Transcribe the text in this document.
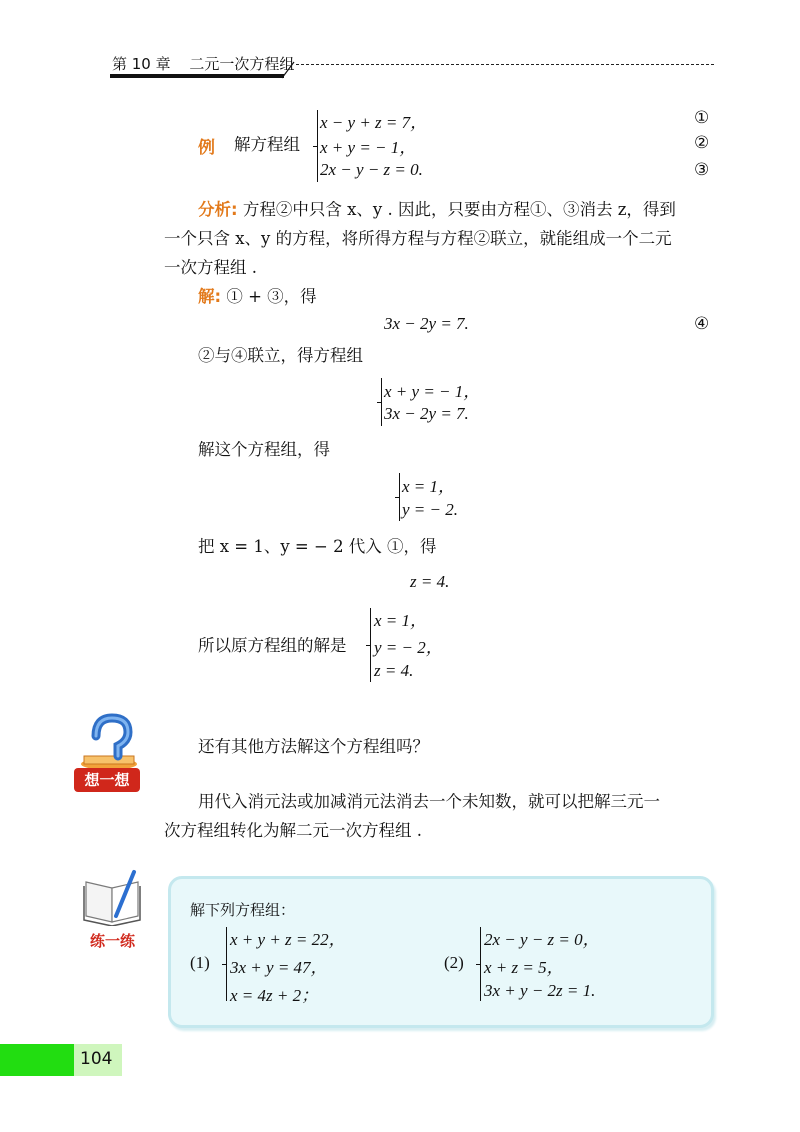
第 10 章 二元一次方程组
例 解方程组
x − y + z = 7，
x + y = − 1，
2x − y − z = 0.
①
②
③
分析: 方程②中只含 x、y . 因此，只要由方程①、③消去 z，得到
一个只含 x、y 的方程，将所得方程与方程②联立，就能组成一个二元
一次方程组 .
解: ① + ③，得
3x − 2y = 7.	④
②与④联立，得方程组
x + y = − 1，
3x − 2y = 7.
解这个方程组，得
x = 1，
y = − 2.
把 x = 1、y = − 2 代入 ①，得
z = 4.
所以原方程组的解是
x = 1，
y = − 2，
z = 4.
想一想
还有其他方法解这个方程组吗？
用代入消元法或加减消元法消去一个未知数，就可以把解三元一
次方程组转化为解二元一次方程组 .
练一练
解下列方程组：
(1)
x + y + z = 22，
3x + y = 47，
x = 4z + 2；
(2)
2x − y − z = 0，
x + z = 5，
3x + y − 2z = 1.
104
